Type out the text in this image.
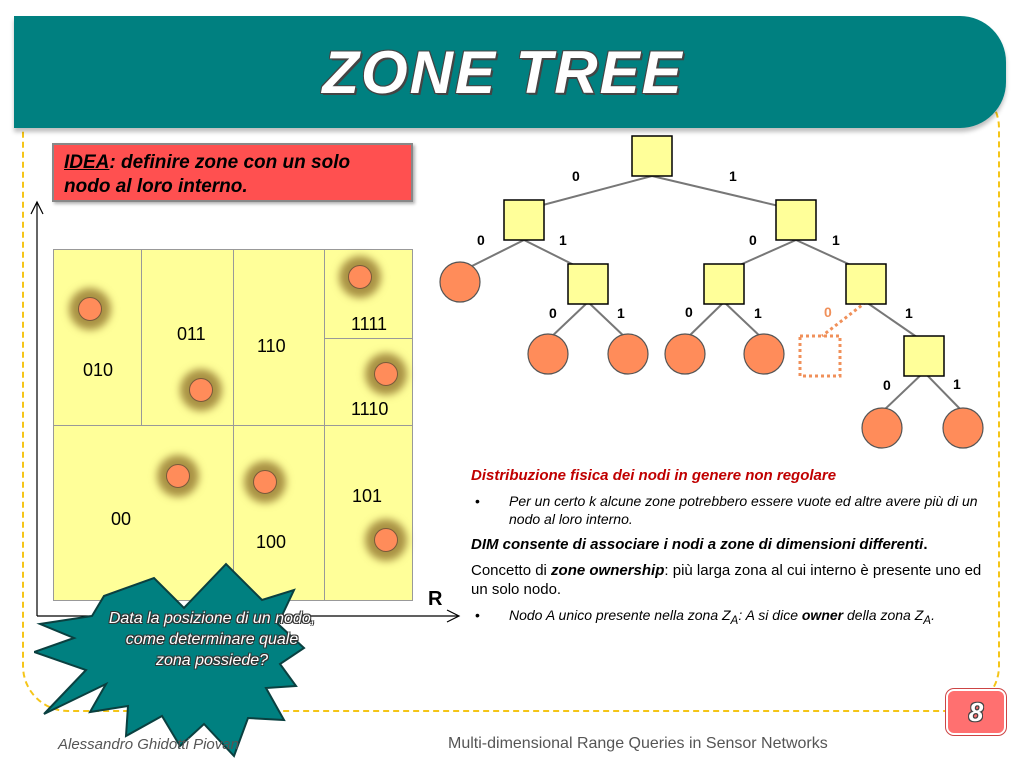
ZONE TREE
IDEA: definire zone con un solo nodo al loro interno.
R
010
011
110
1111
1110
00
100
101
0	1
0	1	0	1
0	1	0	1	0	1
0	1

Distribuzione fisica dei nodi in genere non regolare

• Per un certo k alcune zone potrebbero essere vuote ed altre avere più di un nodo al loro interno.

DIM consente di associare i nodi a zone di dimensioni differenti.

Concetto di zone ownership: più larga zona al cui interno è presente uno ed un solo nodo.

• Nodo A unico presente nella zona $Z_A$: A si dice owner della zona $Z_A$.

Data la posizione di un nodo, come determinare quale zona possiede?
8
Alessandro Ghidotti Piovan	Multi-dimensional Range Queries in Sensor Networks
